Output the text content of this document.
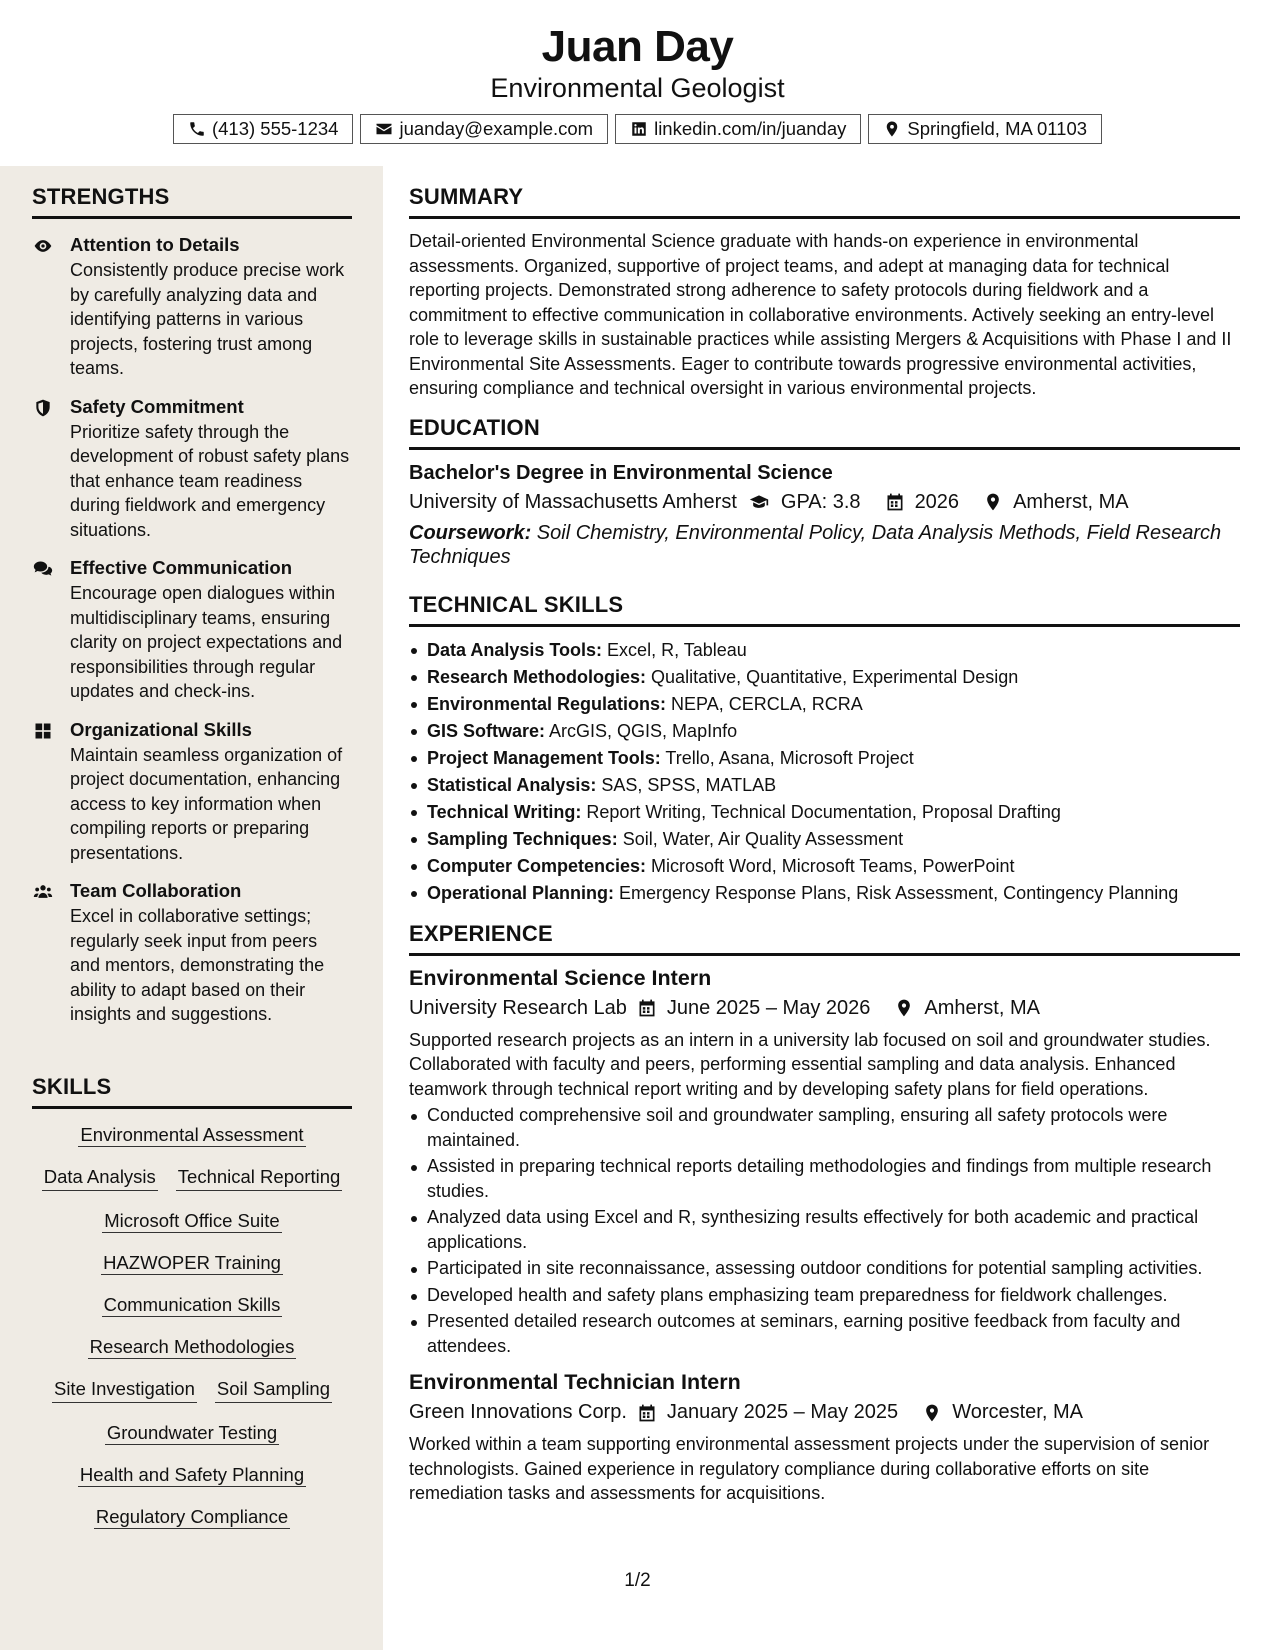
Juan Day
Environmental Geologist
(413) 555-1234	juanday@example.com	linkedin.com/in/juanday	Springfield, MA 01103
STRENGTHS
Attention to Details
Consistently produce precise work by carefully analyzing data and identifying patterns in various projects, fostering trust among teams.
Safety Commitment
Prioritize safety through the development of robust safety plans that enhance team readiness during fieldwork and emergency situations.
Effective Communication
Encourage open dialogues within multidisciplinary teams, ensuring clarity on project expectations and responsibilities through regular updates and check-ins.
Organizational Skills
Maintain seamless organization of project documentation, enhancing access to key information when compiling reports or preparing presentations.
Team Collaboration
Excel in collaborative settings; regularly seek input from peers and mentors, demonstrating the ability to adapt based on their insights and suggestions.
SKILLS
Environmental Assessment
Data Analysis Technical Reporting
Microsoft Office Suite
HAZWOPER Training
Communication Skills
Research Methodologies
Site Investigation Soil Sampling
Groundwater Testing
Health and Safety Planning
Regulatory Compliance
SUMMARY
Detail-oriented Environmental Science graduate with hands-on experience in environmental assessments. Organized, supportive of project teams, and adept at managing data for technical reporting projects. Demonstrated strong adherence to safety protocols during fieldwork and a commitment to effective communication in collaborative environments. Actively seeking an entry-level role to leverage skills in sustainable practices while assisting Mergers & Acquisitions with Phase I and II Environmental Site Assessments. Eager to contribute towards progressive environmental activities, ensuring compliance and technical oversight in various environmental projects.
EDUCATION
Bachelor's Degree in Environmental Science
University of Massachusetts Amherst GPA: 3.8	2026	Amherst, MA
Coursework: Soil Chemistry, Environmental Policy, Data Analysis Methods, Field Research Techniques
TECHNICAL SKILLS
Data Analysis Tools: Excel, R, Tableau
Research Methodologies: Qualitative, Quantitative, Experimental Design
Environmental Regulations: NEPA, CERCLA, RCRA
GIS Software: ArcGIS, QGIS, MapInfo
Project Management Tools: Trello, Asana, Microsoft Project
Statistical Analysis: SAS, SPSS, MATLAB
Technical Writing: Report Writing, Technical Documentation, Proposal Drafting
Sampling Techniques: Soil, Water, Air Quality Assessment
Computer Competencies: Microsoft Word, Microsoft Teams, PowerPoint
Operational Planning: Emergency Response Plans, Risk Assessment, Contingency Planning
EXPERIENCE
Environmental Science Intern
University Research Lab June 2025 – May 2026	Amherst, MA
Supported research projects as an intern in a university lab focused on soil and groundwater studies. Collaborated with faculty and peers, performing essential sampling and data analysis. Enhanced teamwork through technical report writing and by developing safety plans for field operations.
Conducted comprehensive soil and groundwater sampling, ensuring all safety protocols were maintained.
Assisted in preparing technical reports detailing methodologies and findings from multiple research studies.
Analyzed data using Excel and R, synthesizing results effectively for both academic and practical applications.
Participated in site reconnaissance, assessing outdoor conditions for potential sampling activities.
Developed health and safety plans emphasizing team preparedness for fieldwork challenges.
Presented detailed research outcomes at seminars, earning positive feedback from faculty and attendees.
Environmental Technician Intern
Green Innovations Corp. January 2025 – May 2025	Worcester, MA
Worked within a team supporting environmental assessment projects under the supervision of senior technologists. Gained experience in regulatory compliance during collaborative efforts on site remediation tasks and assessments for acquisitions.
1/2
